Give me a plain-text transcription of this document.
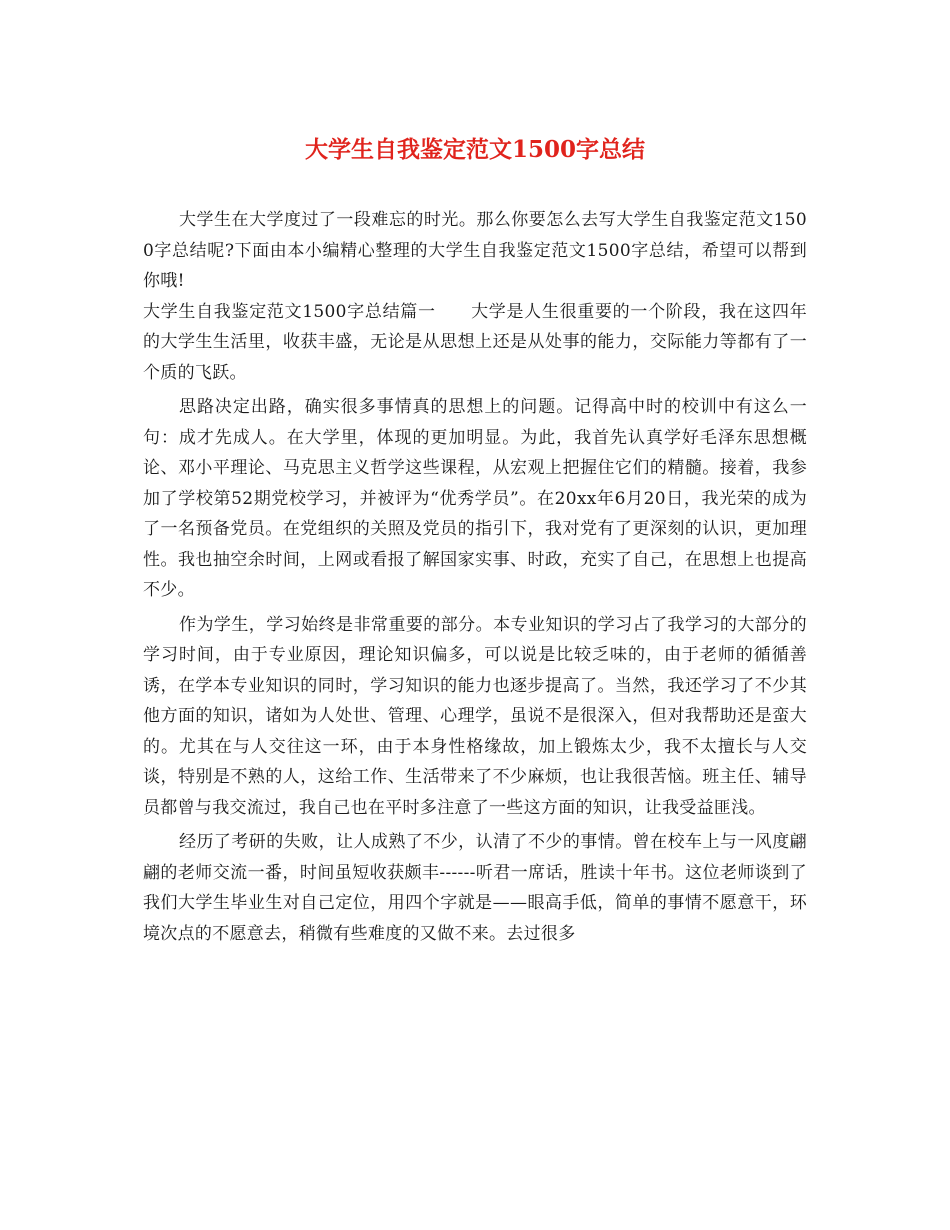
大学生自我鉴定范文1500字总结

大学生在大学度过了一段难忘的时光。那么你要怎么去写大学生自我鉴定范文1500字总结呢?下面由本小编精心整理的大学生自我鉴定范文1500字总结，希望可以帮到你哦!

大学生自我鉴定范文1500字总结篇一　　大学是人生很重要的一个阶段，我在这四年的大学生生活里，收获丰盛，无论是从思想上还是从处事的能力，交际能力等都有了一个质的飞跃。

思路决定出路，确实很多事情真的思想上的问题。记得高中时的校训中有这么一句：成才先成人。在大学里，体现的更加明显。为此，我首先认真学好毛泽东思想概论、邓小平理论、马克思主义哲学这些课程，从宏观上把握住它们的精髓。接着，我参加了学校第52期党校学习，并被评为“优秀学员”。在20xx年6月20日，我光荣的成为了一名预备党员。在党组织的关照及党员的指引下，我对党有了更深刻的认识，更加理性。我也抽空余时间，上网或看报了解国家实事、时政，充实了自己，在思想上也提高不少。

作为学生，学习始终是非常重要的部分。本专业知识的学习占了我学习的大部分的学习时间，由于专业原因，理论知识偏多，可以说是比较乏味的，由于老师的循循善诱，在学本专业知识的同时，学习知识的能力也逐步提高了。当然，我还学习了不少其他方面的知识，诸如为人处世、管理、心理学，虽说不是很深入，但对我帮助还是蛮大的。尤其在与人交往这一环，由于本身性格缘故，加上锻炼太少，我不太擅长与人交谈，特别是不熟的人，这给工作、生活带来了不少麻烦，也让我很苦恼。班主任、辅导员都曾与我交流过，我自己也在平时多注意了一些这方面的知识，让我受益匪浅。

经历了考研的失败，让人成熟了不少，认清了不少的事情。曾在校车上与一风度翩翩的老师交流一番，时间虽短收获颇丰------听君一席话，胜读十年书。这位老师谈到了我们大学生毕业生对自己定位，用四个字就是——眼高手低，简单的事情不愿意干，环境次点的不愿意去，稍微有些难度的又做不来。去过很多
